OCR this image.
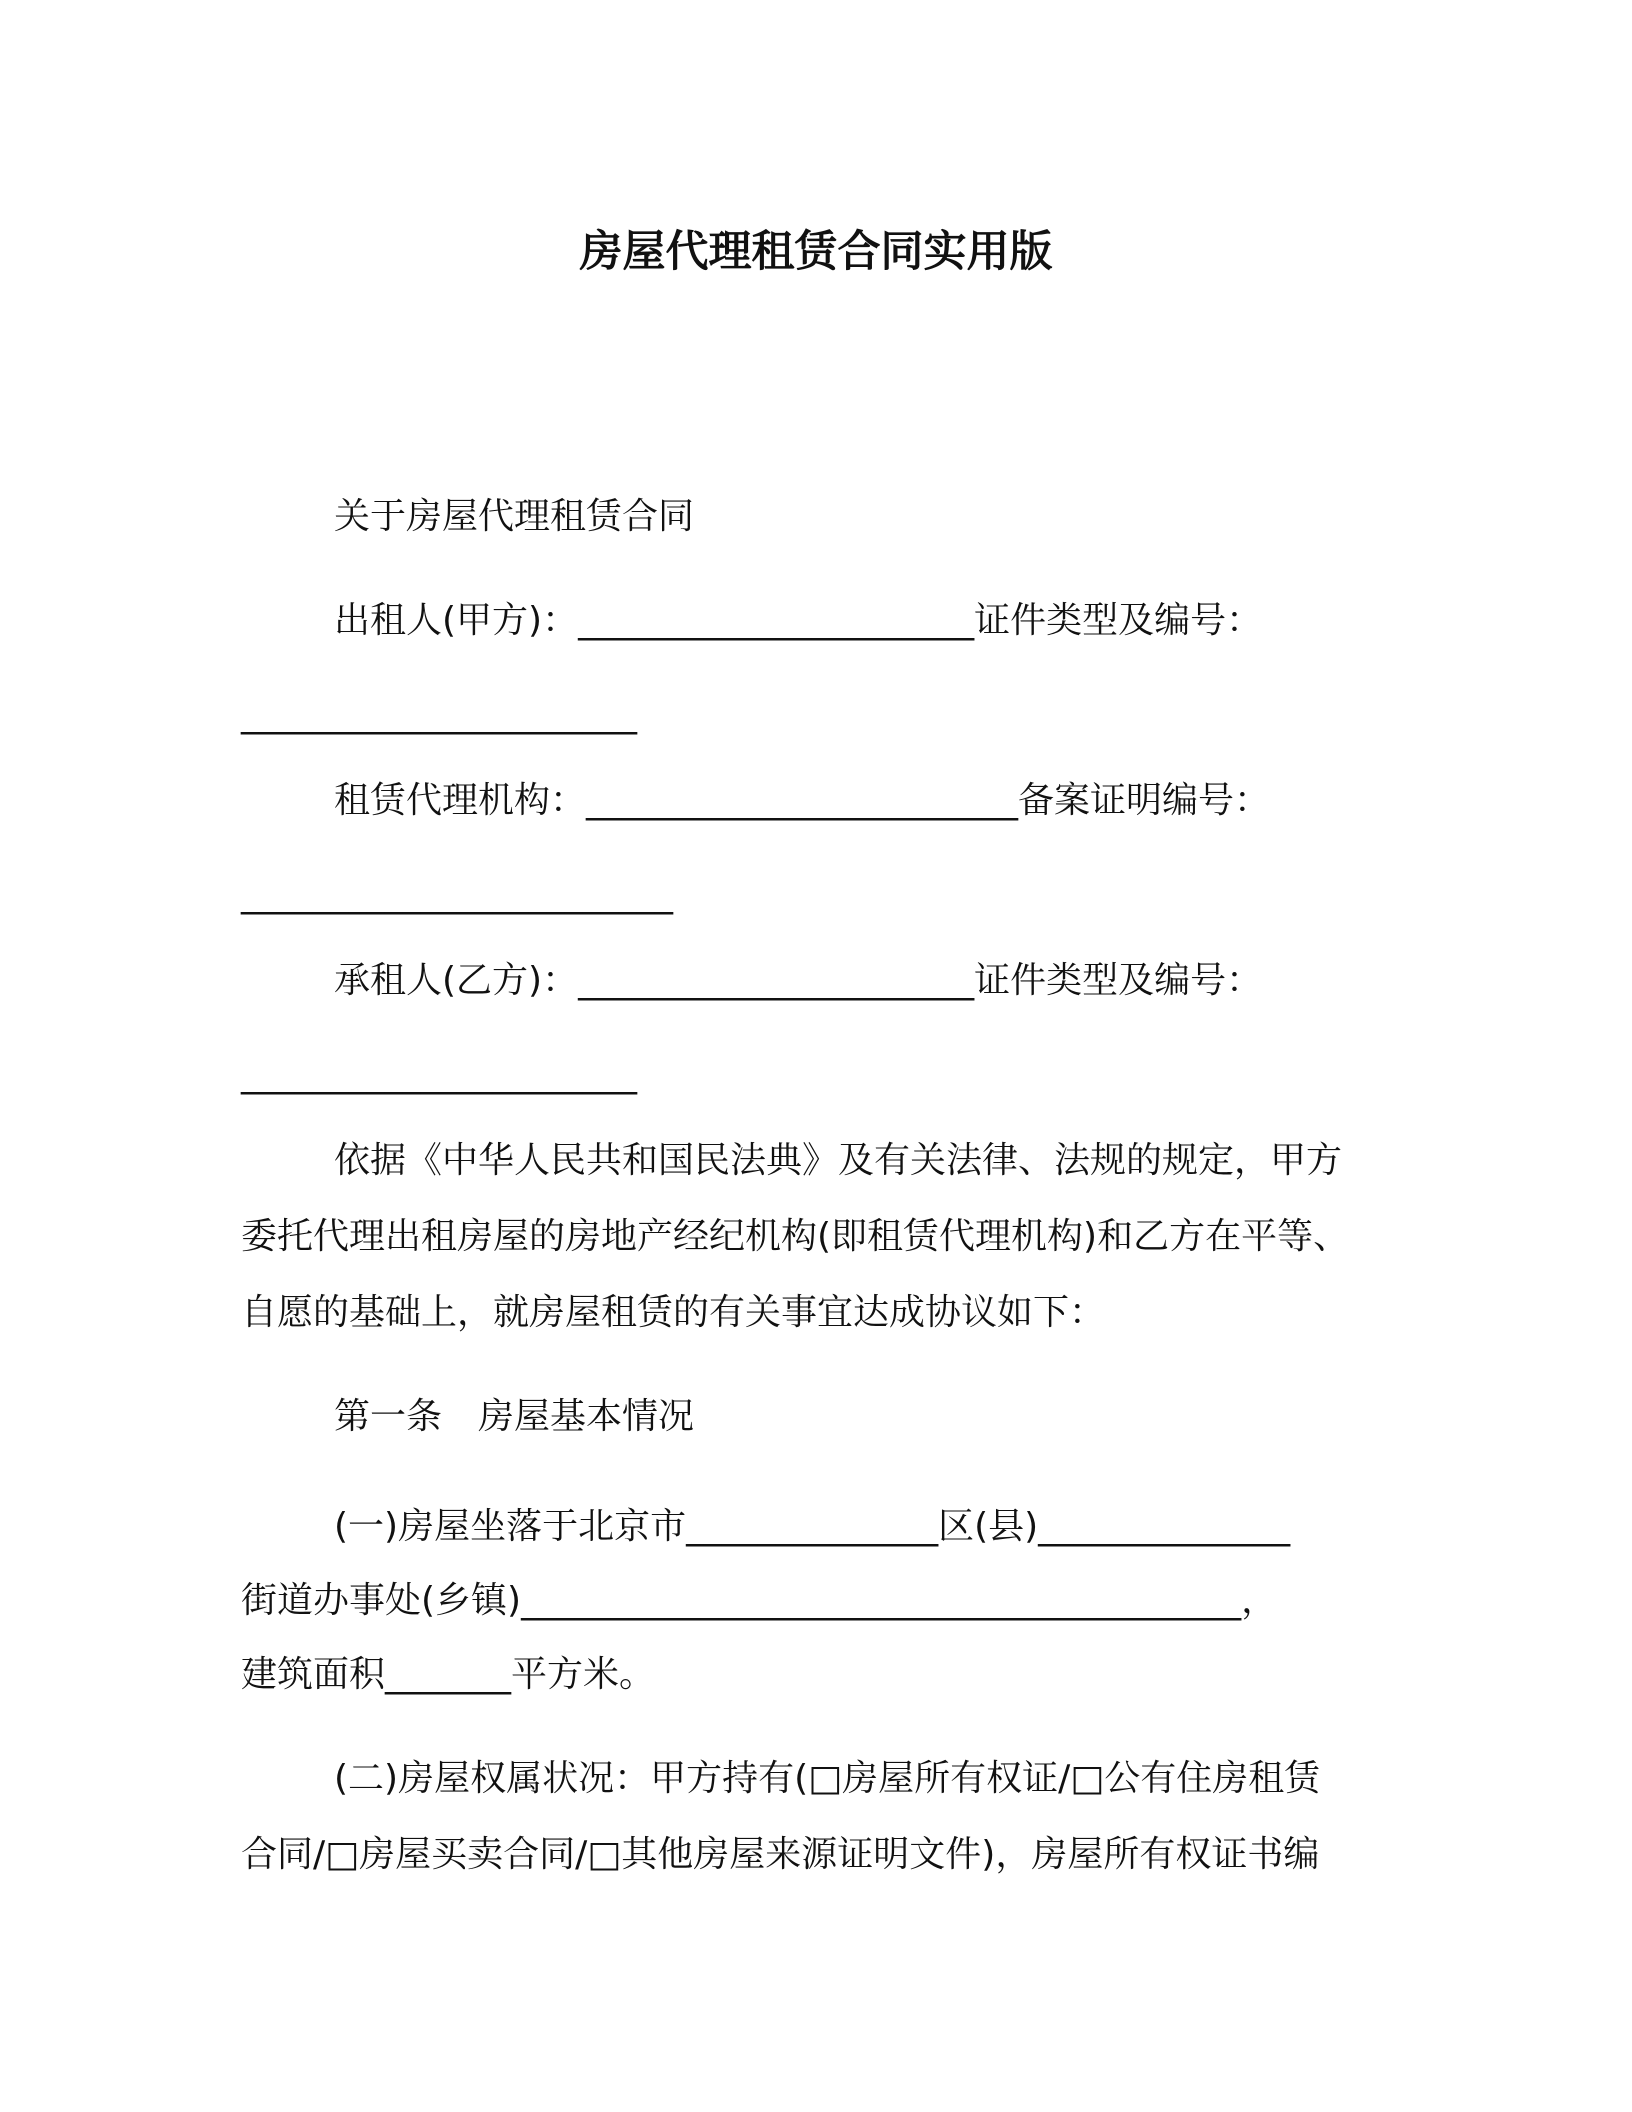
房屋代理租赁合同实用版
关于房屋代理租赁合同
出租人(甲方)：______________________证件类型及编号：
______________________
租赁代理机构：________________________备案证明编号：
________________________
承租人(乙方)：______________________证件类型及编号：
______________________
依据《中华人民共和国民法典》及有关法律、法规的规定，甲方
委托代理出租房屋的房地产经纪机构(即租赁代理机构)和乙方在平等、
自愿的基础上，就房屋租赁的有关事宜达成协议如下：
第一条　房屋基本情况
(一)房屋坐落于北京市______________区(县)______________
街道办事处(乡镇)________________________________________，
建筑面积_______平方米。
(二)房屋权属状况：甲方持有(□房屋所有权证/□公有住房租赁
合同/□房屋买卖合同/□其他房屋来源证明文件)，房屋所有权证书编
